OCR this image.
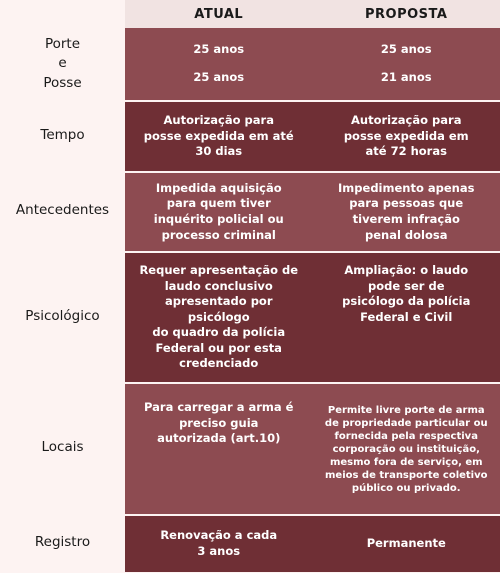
ATUAL	PROPOSTA
Porte
e
Posse
25 anos
25 anos
25 anos
21 anos
Tempo
Autorização para
posse expedida em até
30 dias
Autorização para
posse expedida em
até 72 horas
Antecedentes
Impedida aquisição
para quem tiver
inquérito policial ou
processo criminal
Impedimento apenas
para pessoas que
tiverem infração
penal dolosa
Psicológico
Requer apresentação de
laudo conclusivo
apresentado por psicólogo
do quadro da polícia
Federal ou por esta
credenciado
Ampliação: o laudo
pode ser de
psicólogo da polícia
Federal e Civil
Locais
Para carregar a arma é
preciso guia
autorizada (art.10)
Permite livre porte de arma
de propriedade particular ou
fornecida pela respectiva
corporação ou instituição,
mesmo fora de serviço, em
meios de transporte coletivo
público ou privado.
Registro	Renovação a cada
3 anos
Permanente
